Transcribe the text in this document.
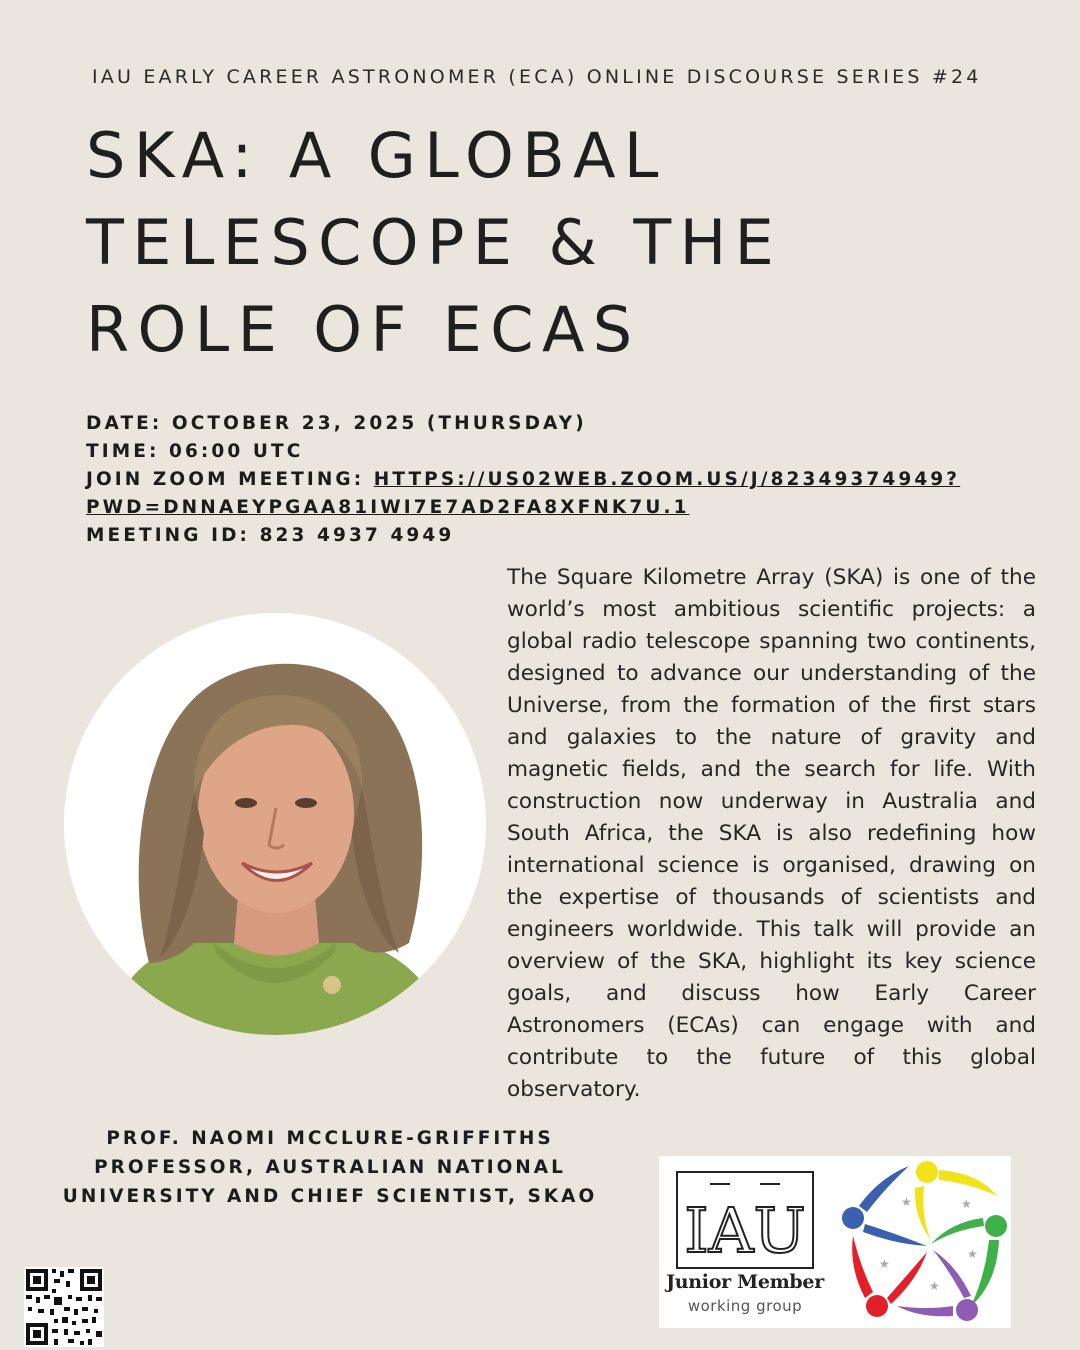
IAU EARLY CAREER ASTRONOMER (ECA) ONLINE DISCOURSE SERIES #24
SKA: A GLOBAL
TELESCOPE & THE
ROLE OF ECAS
DATE: OCTOBER 23, 2025 (THURSDAY)
TIME: 06:00 UTC
JOIN ZOOM MEETING: HTTPS://US02WEB.ZOOM.US/J/82349374949?
PWD=DNNAEYPGAA81IWI7E7AD2FA8XFNK7U.1
MEETING ID: 823 4937 4949

The Square Kilometre Array (SKA) is one of the world’s most ambitious scientific projects: a global radio telescope spanning two continents, designed to advance our understanding of the Universe, from the formation of the first stars and galaxies to the nature of gravity and magnetic fields, and the search for life. With construction now underway in Australia and South Africa, the SKA is also redefining how international science is organised, drawing on the expertise of thousands of scientists and engineers worldwide. This talk will provide an overview of the SKA, highlight its key science goals, and discuss how Early Career Astronomers (ECAs) can engage with and contribute to the future of this global observatory.

PROF. NAOMI MCCLURE-GRIFFITHS
PROFESSOR, AUSTRALIAN NATIONAL
UNIVERSITY AND CHIEF SCIENTIST, SKAO	IAU
Junior Member
working group
★	★
★
★
★
